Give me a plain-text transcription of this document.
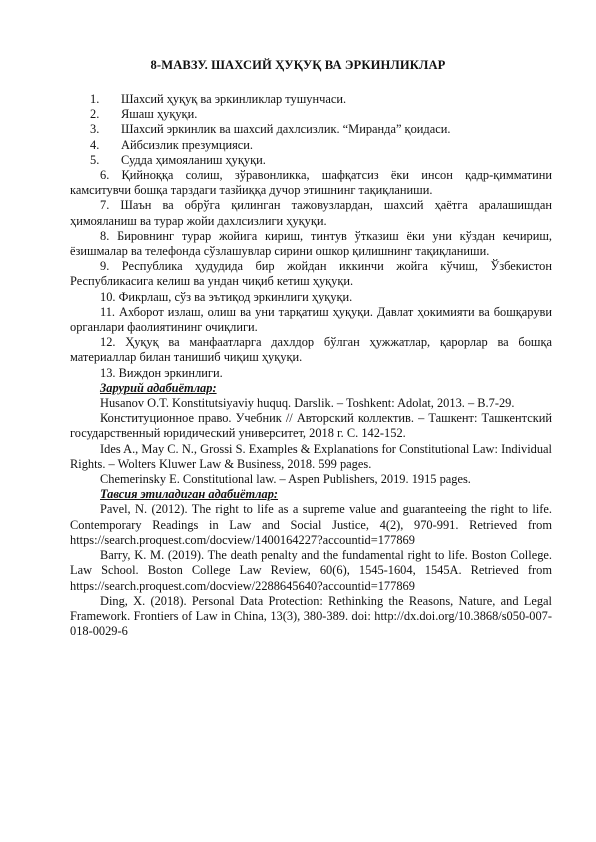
8-МАВЗУ. ШАХСИЙ ҲУҚУҚ ВА ЭРКИНЛИКЛАР
1. Шахсий ҳуқуқ ва эркинликлар тушунчаси.
2. Яшаш ҳуқуқи.
3. Шахсий эркинлик ва шахсий дахлсизлик. “Миранда” қоидаси.
4. Айбсизлик презумцияси.
5. Судда ҳимояланиш ҳуқуқи.

6. Қийноққа солиш, зўравонликка, шафқатсиз ёки инсон қадр-қимматини камситувчи бошқа тарздаги тазйиққа дучор этишнинг тақиқланиши.

7. Шаън ва обрўга қилинган тажовузлардан, шахсий ҳаётга аралашишдан ҳимояланиш ва турар жойи дахлсизлиги ҳуқуқи.

8. Бировнинг турар жойига кириш, тинтув ўтказиш ёки уни кўздан кечириш, ёзишмалар ва телефонда сўзлашувлар сирини ошкор қилишнинг тақиқланиши.

9. Республика ҳудудида бир жойдан иккинчи жойга кўчиш, Ўзбекистон Республикасига келиш ва ундан чиқиб кетиш ҳуқуқи.

10. Фикрлаш, сўз ва эътиқод эркинлиги ҳуқуқи.

11. Ахборот излаш, олиш ва уни тарқатиш ҳуқуқи. Давлат ҳокимияти ва бошқаруви органлари фаолиятининг очиқлиги.

12. Ҳуқуқ ва манфаатларга дахлдор бўлган ҳужжатлар, қарорлар ва бошқа материаллар билан танишиб чиқиш ҳуқуқи.

13. Виждон эркинлиги.

Зарурий адабиётлар:

Husanov O.T. Konstitutsiyaviy huquq. Darslik. – Toshkent: Adolat, 2013. – B.7-29.

Конституционное право. Учебник // Авторский коллектив. – Ташкент: Ташкентский государственный юридический университет, 2018 г. С. 142-152.

Ides A., May C. N., Grossi S. Examples & Explanations for Constitutional Law: Individual Rights. – Wolters Kluwer Law & Business, 2018. 599 pages.

Chemerinsky E. Constitutional law. – Aspen Publishers, 2019. 1915 pages.

Тавсия этиладиган адабиётлар:

Pavel, N. (2012). The right to life as a supreme value and guaranteeing the right to life. Contemporary Readings in Law and Social Justice, 4(2), 970-991. Retrieved from https://search.proquest.com/docview/1400164227?accountid=177869

Barry, K. M. (2019). The death penalty and the fundamental right to life. Boston College. Law School. Boston College Law Review, 60(6), 1545-1604, 1545A. Retrieved from https://search.proquest.com/docview/2288645640?accountid=177869

Ding, X. (2018). Personal Data Protection: Rethinking the Reasons, Nature, and Legal Framework. Frontiers of Law in China, 13(3), 380-389. doi: http://dx.doi.org/10.3868/s050-007-018-0029-6
